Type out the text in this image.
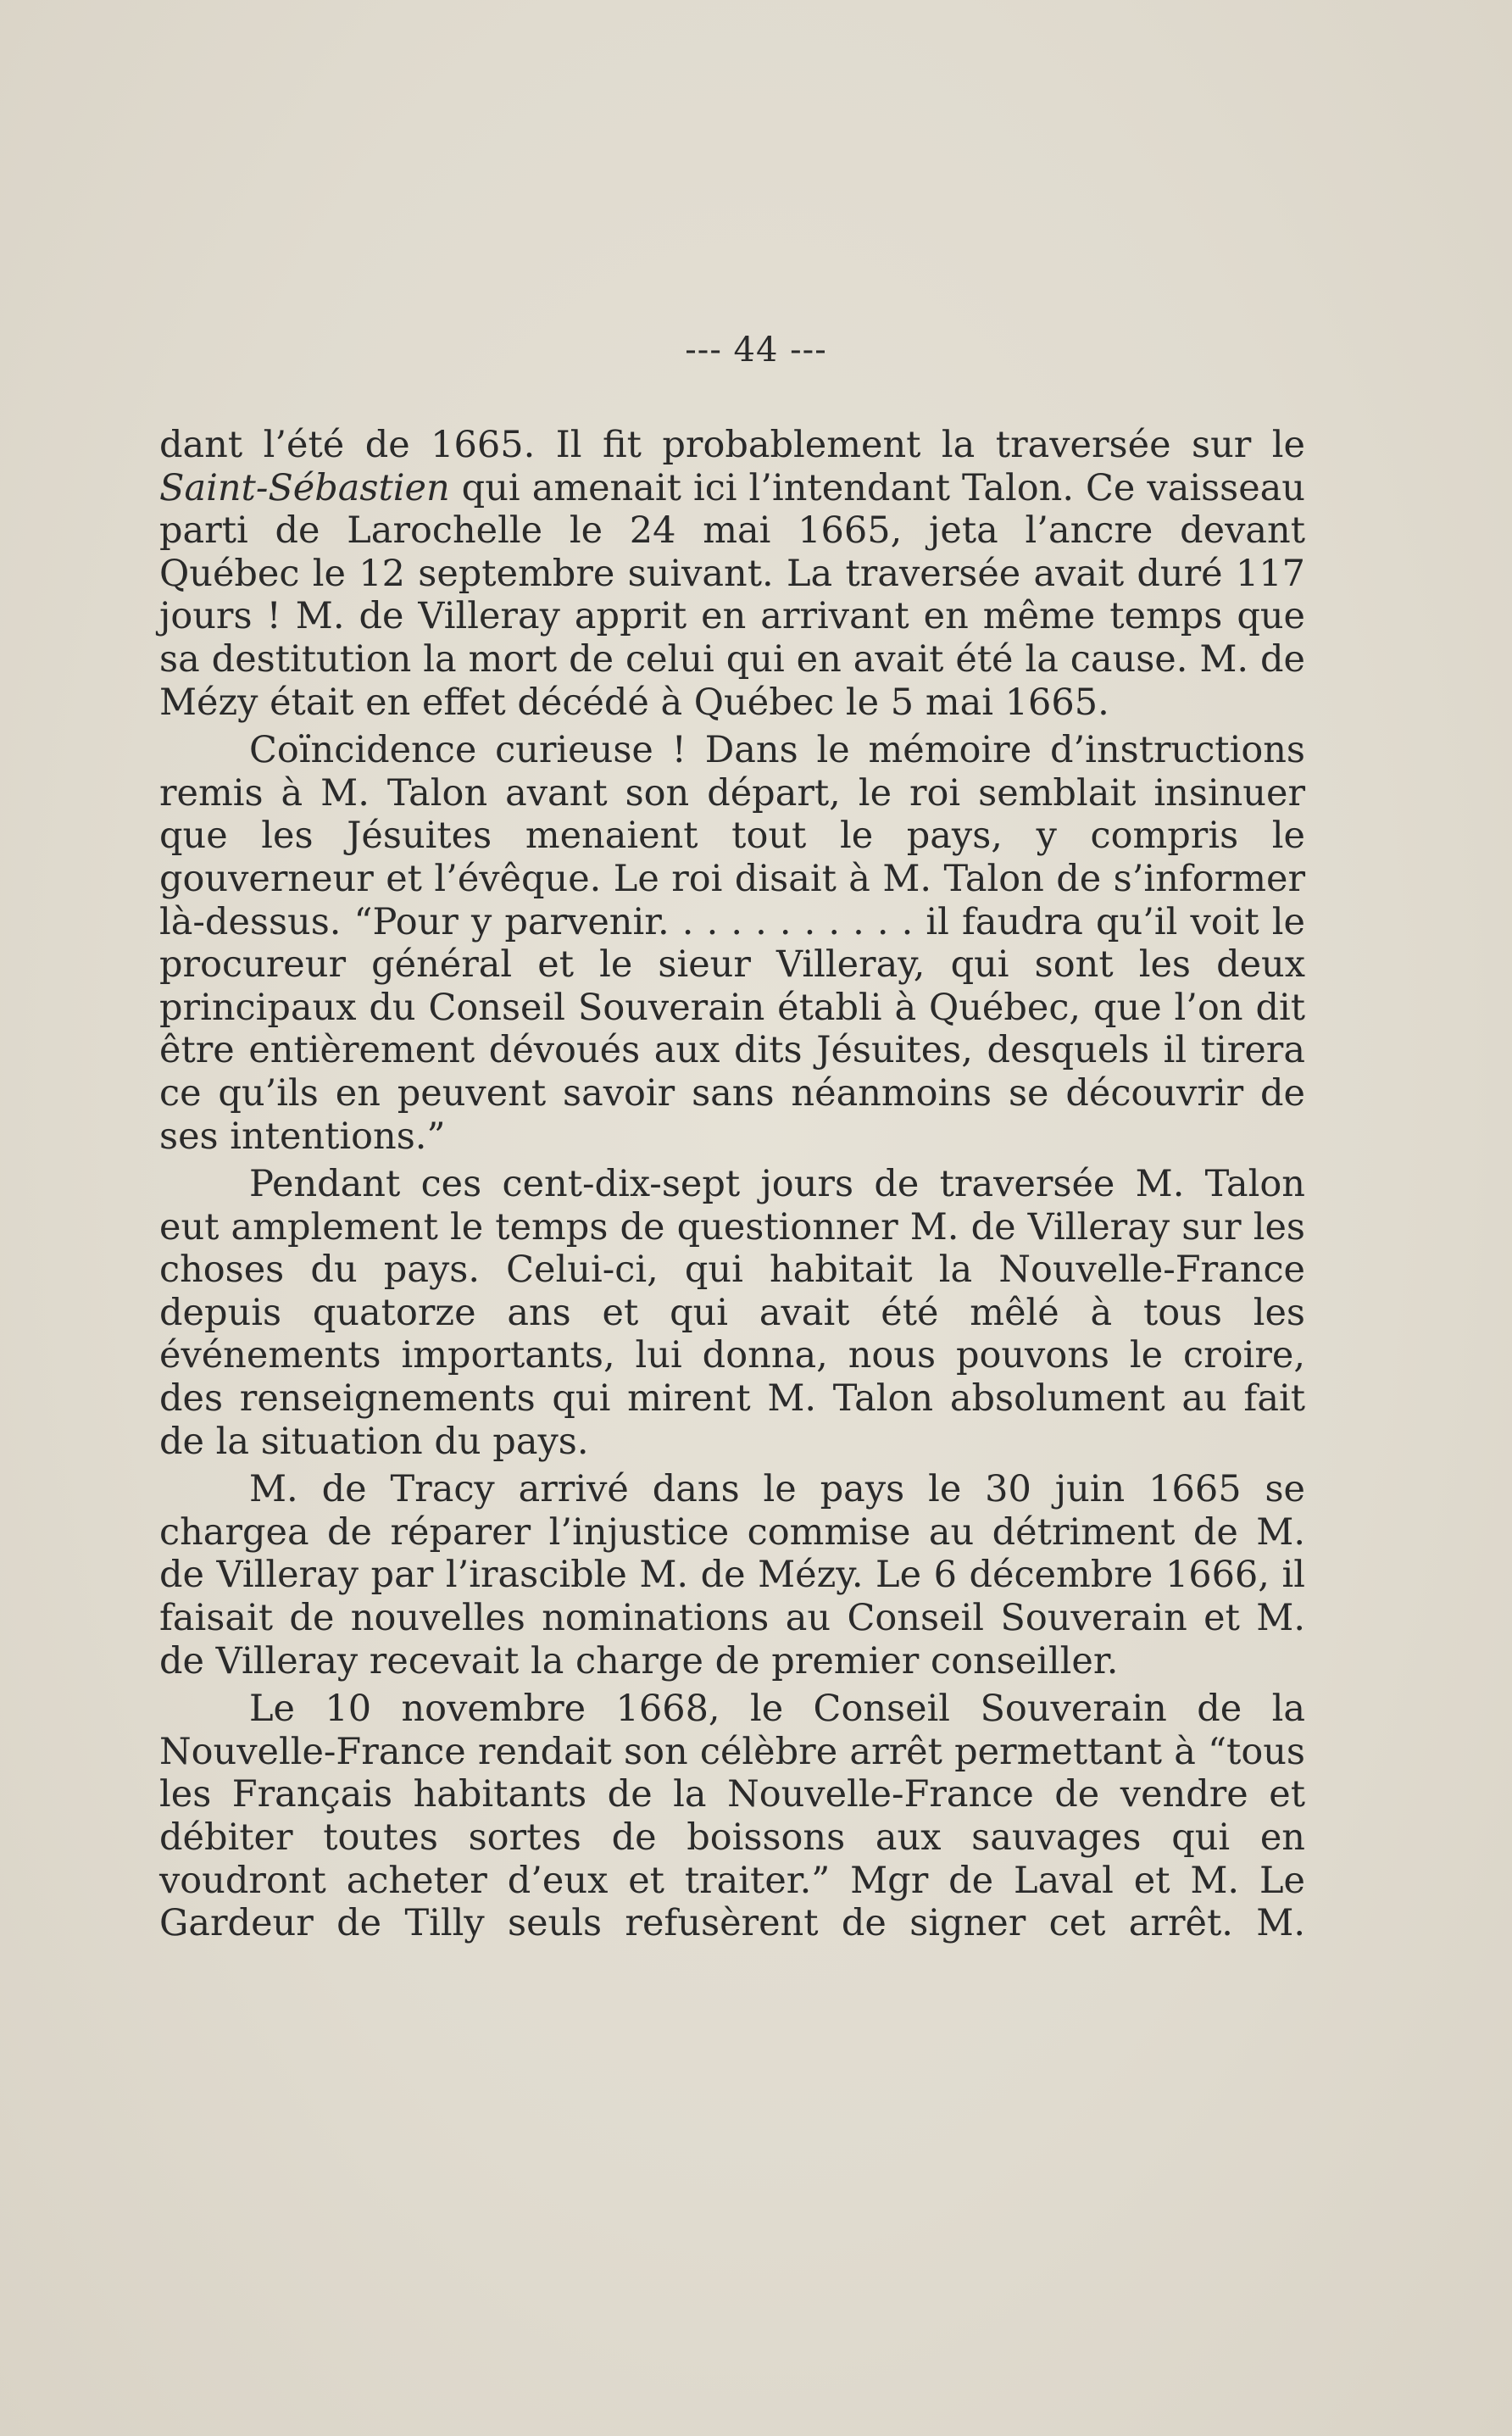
--- 44 ---

dant l’été de 1665. Il fit probablement la traversée sur le Saint-Sébastien qui amenait ici l’intendant Talon. Ce vaisseau parti de Larochelle le 24 mai 1665, jeta l’ancre devant Québec le 12 septembre suivant. La traversée avait duré 117 jours ! M. de Villeray apprit en arrivant en même temps que sa destitution la mort de celui qui en avait été la cause. M. de Mézy était en effet décédé à Québec le 5 mai 1665.

Coïncidence curieuse ! Dans le mémoire d’instructions remis à M. Talon avant son départ, le roi semblait insinuer que les Jésuites menaient tout le pays, y compris le gouverneur et l’évêque. Le roi disait à M. Talon de s’informer là-dessus. “Pour y parvenir. . . . . . . . . . . il faudra qu’il voit le procureur général et le sieur Villeray, qui sont les deux principaux du Conseil Souverain établi à Québec, que l’on dit être entièrement dévoués aux dits Jésuites, desquels il tirera ce qu’ils en peuvent savoir sans néanmoins se découvrir de ses intentions.”

Pendant ces cent-dix-sept jours de traversée M. Talon eut amplement le temps de questionner M. de Villeray sur les choses du pays. Celui-ci, qui habitait la Nouvelle-France depuis quatorze ans et qui avait été mêlé à tous les événements importants, lui donna, nous pouvons le croire, des renseignements qui mirent M. Talon absolument au fait de la situation du pays.

M. de Tracy arrivé dans le pays le 30 juin 1665 se chargea de réparer l’injustice commise au détriment de M. de Villeray par l’irascible M. de Mézy. Le 6 décembre 1666, il faisait de nouvelles nominations au Conseil Souverain et M. de Villeray recevait la charge de premier conseiller.

Le 10 novembre 1668, le Conseil Souverain de la Nouvelle-France rendait son célèbre arrêt permettant à “tous les Français habitants de la Nouvelle-France de vendre et débiter toutes sortes de boissons aux sauvages qui en voudront acheter d’eux et traiter.” Mgr de Laval et M. Le Gardeur de Tilly seuls refusèrent de signer cet arrêt. M.
